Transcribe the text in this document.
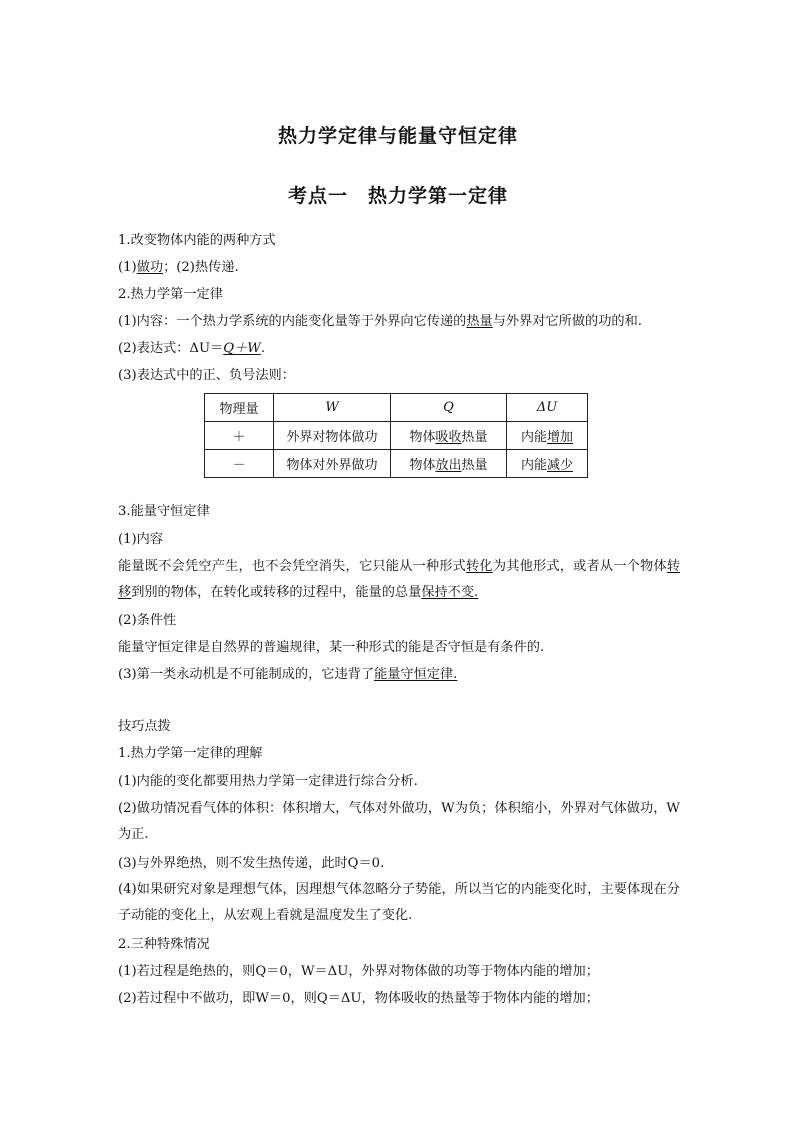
热力学定律与能量守恒定律
考点一　热力学第一定律
1.改变物体内能的两种方式
(1)做功；(2)热传递.
2.热力学第一定律
(1)内容：一个热力学系统的内能变化量等于外界向它传递的热量与外界对它所做的功的和.
(2)表达式：ΔU＝Q＋W.
(3)表达式中的正、负号法则：
物理量	W	Q	ΔU
＋	外界对物体做功	物体吸收热量	内能增加
－	物体对外界做功	物体放出热量	内能减少
3.能量守恒定律
(1)内容
能量既不会凭空产生，也不会凭空消失，它只能从一种形式转化为其他形式，或者从一个物体转移到别的物体，在转化或转移的过程中，能量的总量保持不变.
(2)条件性
能量守恒定律是自然界的普遍规律，某一种形式的能是否守恒是有条件的.
(3)第一类永动机是不可能制成的，它违背了能量守恒定律.
技巧点拨
1.热力学第一定律的理解
(1)内能的变化都要用热力学第一定律进行综合分析.
(2)做功情况看气体的体积：体积增大，气体对外做功，W为负；体积缩小，外界对气体做功，W为正.
(3)与外界绝热，则不发生热传递，此时Q＝0.
(4)如果研究对象是理想气体，因理想气体忽略分子势能，所以当它的内能变化时，主要体现在分子动能的变化上，从宏观上看就是温度发生了变化.
2.三种特殊情况
(1)若过程是绝热的，则Q＝0，W＝ΔU，外界对物体做的功等于物体内能的增加；
(2)若过程中不做功，即W＝0，则Q＝ΔU，物体吸收的热量等于物体内能的增加；
